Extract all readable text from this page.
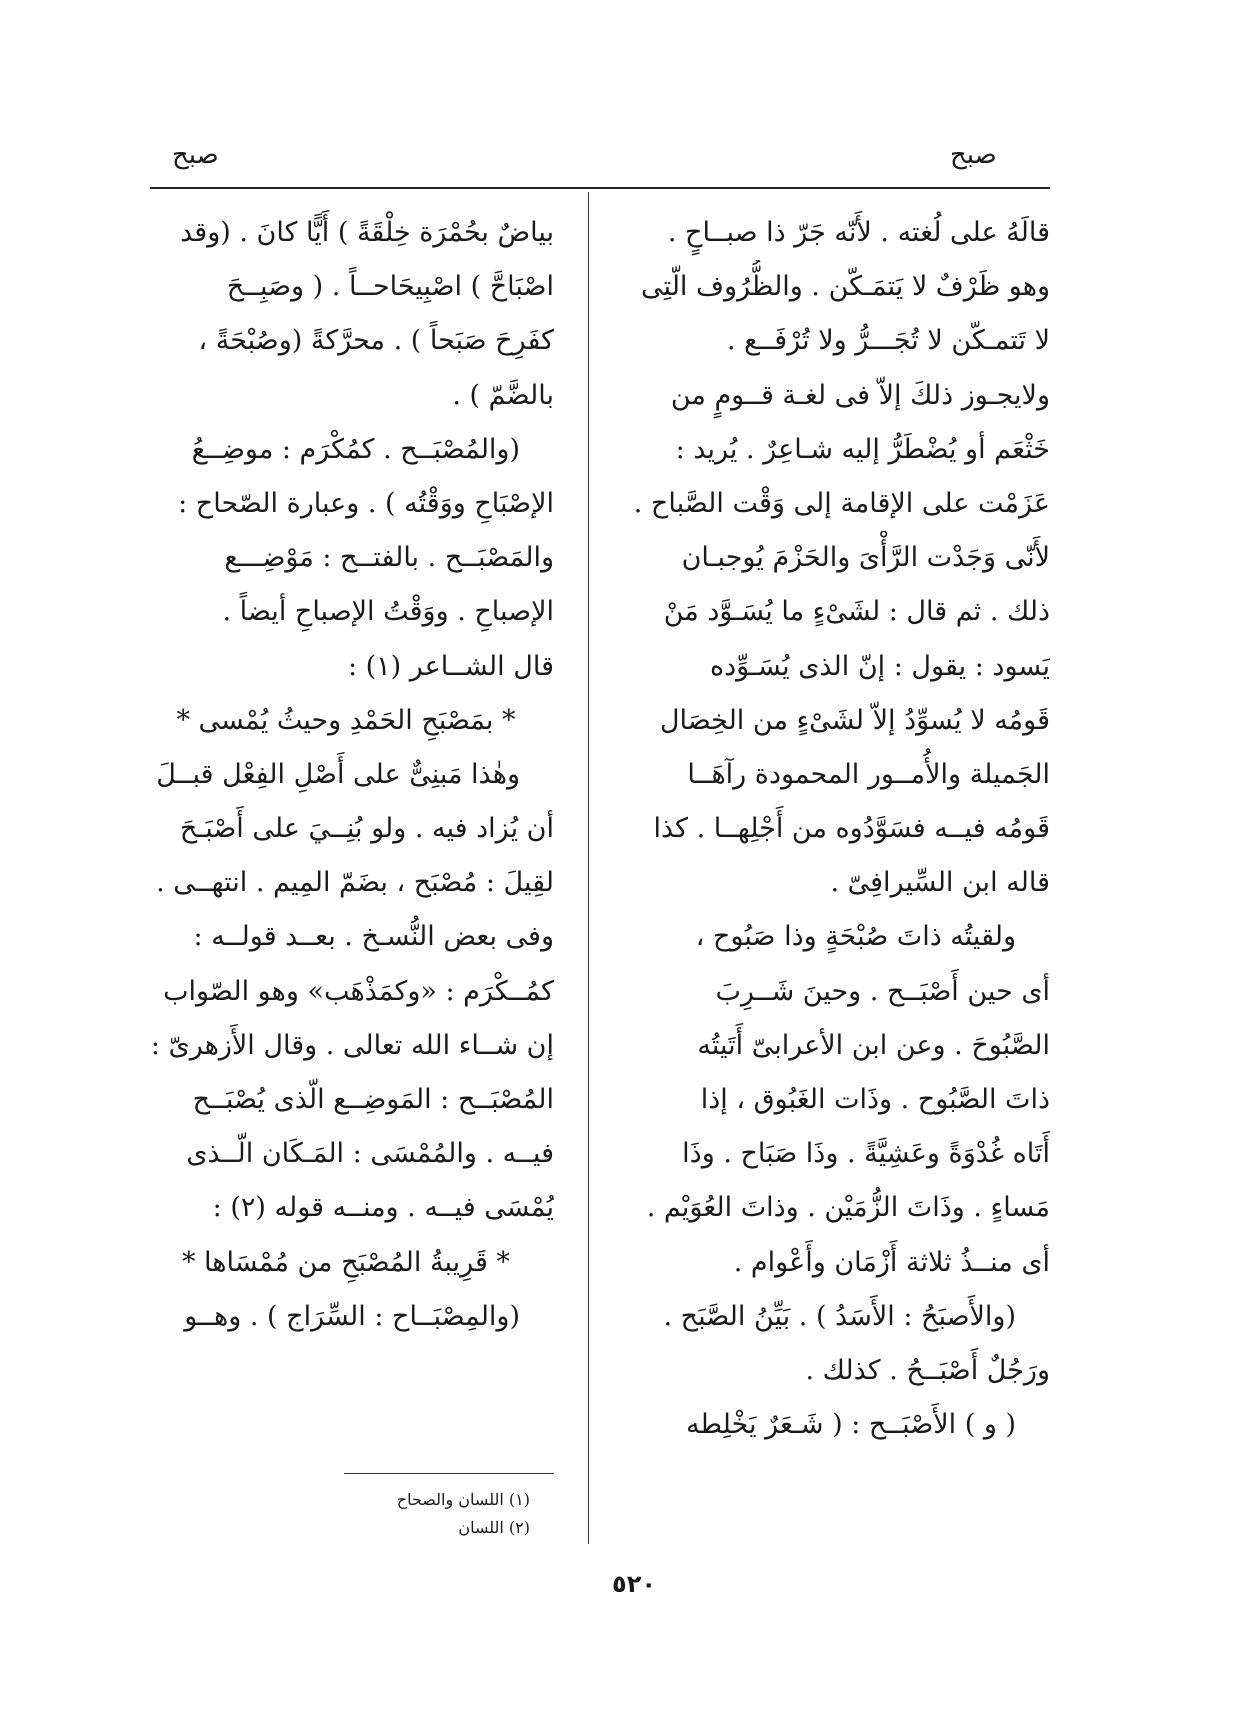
صبح
صبح
قالَهُ على لُغته . لأَنّه جَرّ ذا صبــاحٍ .
وهو ظَرْفٌ لا يَتمَـكّن . والظُّرُوف الّتِى
لا تَتمـكّن لا تُجَـــرُّ ولا تُرْفَــع .
ولايجـوز ذلكَ إلاّ فى لغـة قــومٍ من
خَثْعَم أو يُضْطَرُّ إليه شـاعِرٌ . يُريد :
عَزَمْت على الإقامة إلى وَقْت الصَّباح .
لأَنّى وَجَدْت الرَّأْىَ والحَزْمَ يُوجبـان
ذلك . ثم قال : لشَىْءٍ ما يُسَـوَّد مَنْ
يَسود : يقول : إنّ الذى يُسَـوِّده
قَومُه لا يُسوِّدُ إلاّ لشَىْءٍ من الخِصَال
الجَميلة والأُمــور المحمودة رآهَــا
قَومُه فيــه فسَوَّدُوه من أَجْلِهــا . كذا
قاله ابن السِّيرافِىّ .
ولقيتُه ذاتَ صُبْحَةٍ وذا صَبُوح ،
أى حين أَصْبَــح . وحينَ شَــرِبَ
الصَّبُوحَ . وعن ابن الأعرابىّ أَتَيتُه
ذاتَ الصَّبُوح . وذَات الغَبُوق ، إذا
أَتَاه غُدْوَةً وعَشِيَّةً . وذَا صَبَاح . وذَا
مَساءٍ . وذَاتَ الزُّمَيْن . وذاتَ العُوَيْم .
أى منــذُ ثلاثة أَزْمَان وأَعْوام .
(والأَصبَحُ : الأَسَدُ ) . بَيِّنُ الصَّبَح .
ورَجُلٌ أَصْبَــحُ . كذلك .
( و ) الأَصْبَــح : ( شَـعَرٌ يَخْلِطه
بياضٌ بحُمْرَة خِلْقَةً ) أَيًّا كانَ . (وقد
اصْبَاحَّ ) اصْبِيحَاحــاً . ( وصَبِــحَ
كفَرِحَ صَبَحاً ) . محرَّكةً (وصُبْحَةً ،
بالضَّمّ ) .
(والمُصْبَــح . كمُكْرَم : موضِــعُ
الإصْبَاحِ ووَقْتُه ) . وعبارة الصّحاح :
والمَصْبَــح . بالفتــح : مَوْضِـــع
الإصباحِ . ووَقْتُ الإصباحِ أيضاً .
قال الشــاعر (١) :
* بمَصْبَحِ الحَمْدِ وحيثُ يُمْسى *
وهٰذا مَبنِىٌّ على أَصْلِ الفِعْل قبــلَ
أن يُزاد فيه . ولو بُنِــيَ على أَصْبَـحَ
لقِيلَ : مُصْبَح ، بضَمّ المِيم . انتهــى .
وفى بعض النُّسـخ . بعــد قولــه :
كمُــكْرَم : «وكمَذْهَب» وهو الصّواب
إن شــاء الله تعالى . وقال الأَزهرىّ :
المُصْبَــح : المَوضِــع الّذى يُصْبَــح
فيــه . والمُمْسَى : المَـكَان الّــذى
يُمْسَى فيــه . ومنــه قوله (٢) :
* قَرِيبةُ المُصْبَحِ من مُمْسَاها *
(والمِصْبَــاح : السِّرَاج ) . وهــو
(١) اللسان والصحاح
(٢) اللسان
٥٢٠
